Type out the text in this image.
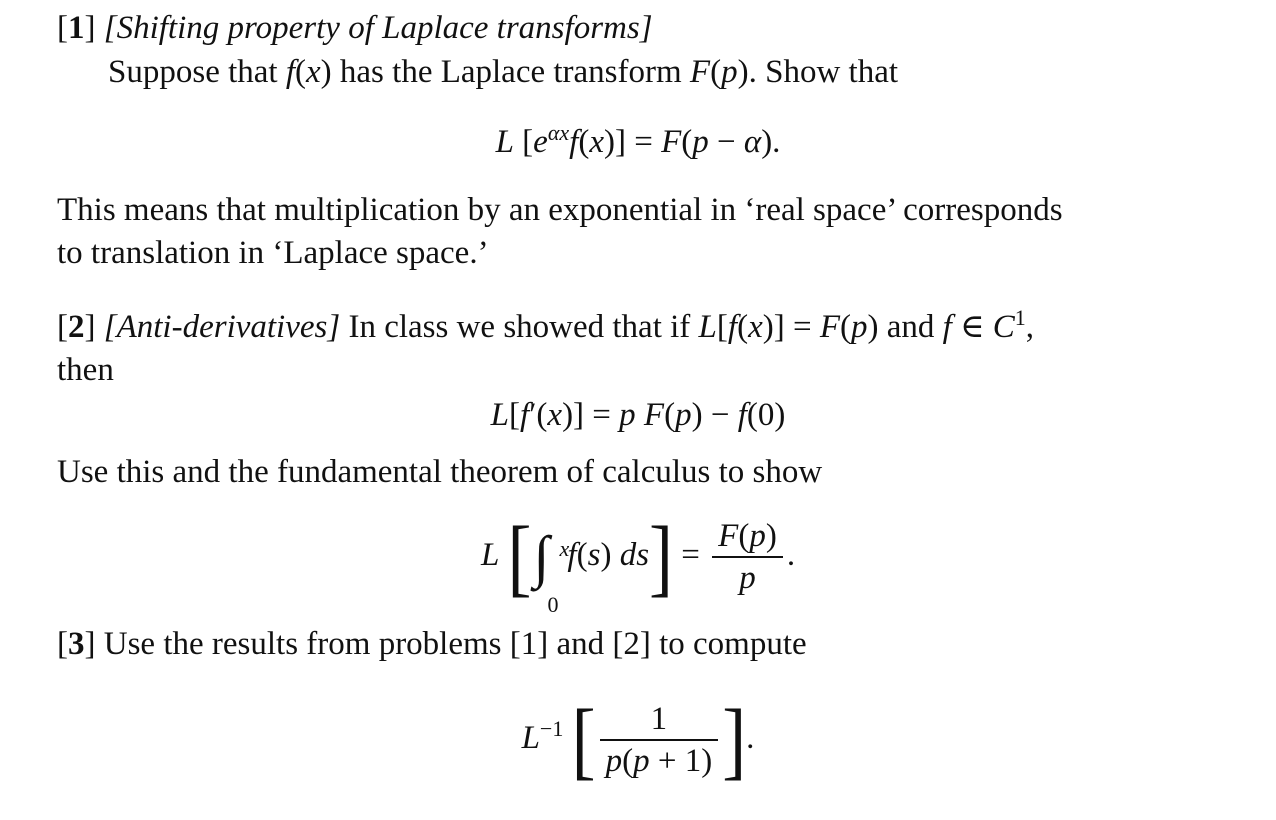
[1] [Shifting property of Laplace transforms]
Suppose that f(x) has the Laplace transform F(p). Show that
L $[e^{\alpha x}f(x)] = F(p - \alpha)$.
This means that multiplication by an exponential in ‘real space’ corresponds
to translation in ‘Laplace space.’
[2] [Anti-derivatives] In class we showed that if L[f(x)] = F(p) and f ∈ $C^1$,
then
L[f′(x)] = p F(p) − f(0)
Use this and the fundamental theorem of calculus to show
L [∫ x
0
f(s) $ds] = \frac{F(p)}{p}$ .
[3] Use the results from problems [1] and [2] to compute
$L^{-1}$ [ $\frac{1}{p(p + 1)}$ ].
